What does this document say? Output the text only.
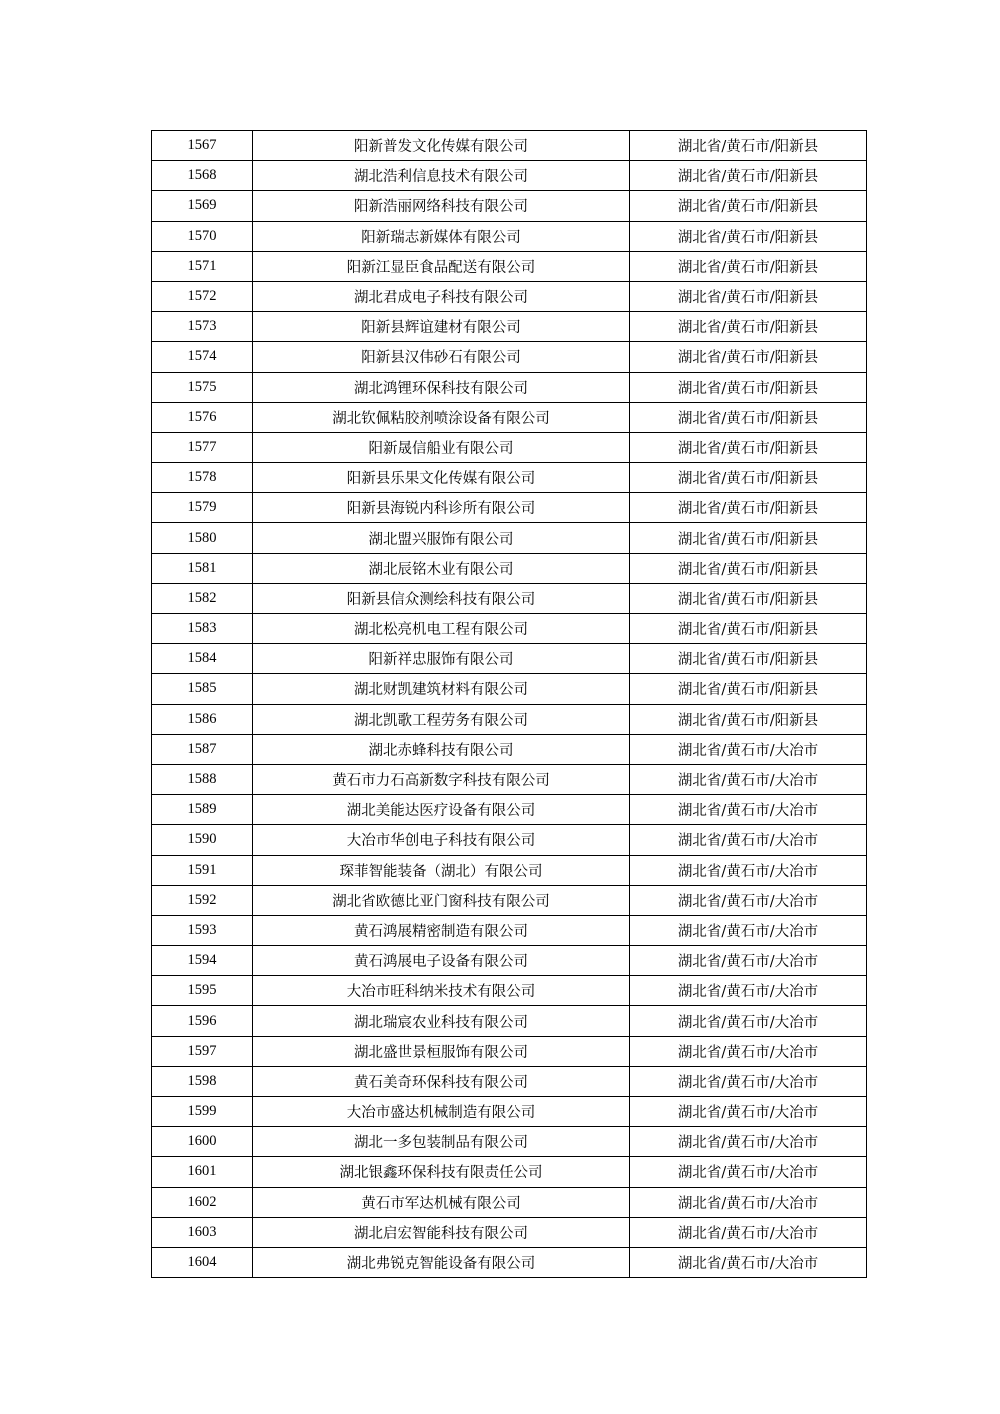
1567	阳新普发文化传媒有限公司	湖北省/黄石市/阳新县
1568	湖北浩利信息技术有限公司	湖北省/黄石市/阳新县
1569	阳新浩丽网络科技有限公司	湖北省/黄石市/阳新县
1570	阳新瑞志新媒体有限公司	湖北省/黄石市/阳新县
1571	阳新江显臣食品配送有限公司	湖北省/黄石市/阳新县
1572	湖北君成电子科技有限公司	湖北省/黄石市/阳新县
1573	阳新县辉谊建材有限公司	湖北省/黄石市/阳新县
1574	阳新县汉伟砂石有限公司	湖北省/黄石市/阳新县
1575	湖北鸿锂环保科技有限公司	湖北省/黄石市/阳新县
1576	湖北钦佩粘胶剂喷涂设备有限公司	湖北省/黄石市/阳新县
1577	阳新晟信船业有限公司	湖北省/黄石市/阳新县
1578	阳新县乐果文化传媒有限公司	湖北省/黄石市/阳新县
1579	阳新县海锐内科诊所有限公司	湖北省/黄石市/阳新县
1580	湖北盟兴服饰有限公司	湖北省/黄石市/阳新县
1581	湖北辰铭木业有限公司	湖北省/黄石市/阳新县
1582	阳新县信众测绘科技有限公司	湖北省/黄石市/阳新县
1583	湖北松亮机电工程有限公司	湖北省/黄石市/阳新县
1584	阳新祥忠服饰有限公司	湖北省/黄石市/阳新县
1585	湖北财凯建筑材料有限公司	湖北省/黄石市/阳新县
1586	湖北凯歌工程劳务有限公司	湖北省/黄石市/阳新县
1587	湖北赤蜂科技有限公司	湖北省/黄石市/大冶市
1588	黄石市力石高新数字科技有限公司	湖北省/黄石市/大冶市
1589	湖北美能达医疗设备有限公司	湖北省/黄石市/大冶市
1590	大冶市华创电子科技有限公司	湖北省/黄石市/大冶市
1591	琛菲智能装备（湖北）有限公司	湖北省/黄石市/大冶市
1592	湖北省欧德比亚门窗科技有限公司	湖北省/黄石市/大冶市
1593	黄石鸿展精密制造有限公司	湖北省/黄石市/大冶市
1594	黄石鸿展电子设备有限公司	湖北省/黄石市/大冶市
1595	大冶市旺科纳米技术有限公司	湖北省/黄石市/大冶市
1596	湖北瑞宸农业科技有限公司	湖北省/黄石市/大冶市
1597	湖北盛世景桓服饰有限公司	湖北省/黄石市/大冶市
1598	黄石美奇环保科技有限公司	湖北省/黄石市/大冶市
1599	大冶市盛达机械制造有限公司	湖北省/黄石市/大冶市
1600	湖北一多包装制品有限公司	湖北省/黄石市/大冶市
1601	湖北银鑫环保科技有限责任公司	湖北省/黄石市/大冶市
1602	黄石市军达机械有限公司	湖北省/黄石市/大冶市
1603	湖北启宏智能科技有限公司	湖北省/黄石市/大冶市
1604	湖北弗锐克智能设备有限公司	湖北省/黄石市/大冶市
